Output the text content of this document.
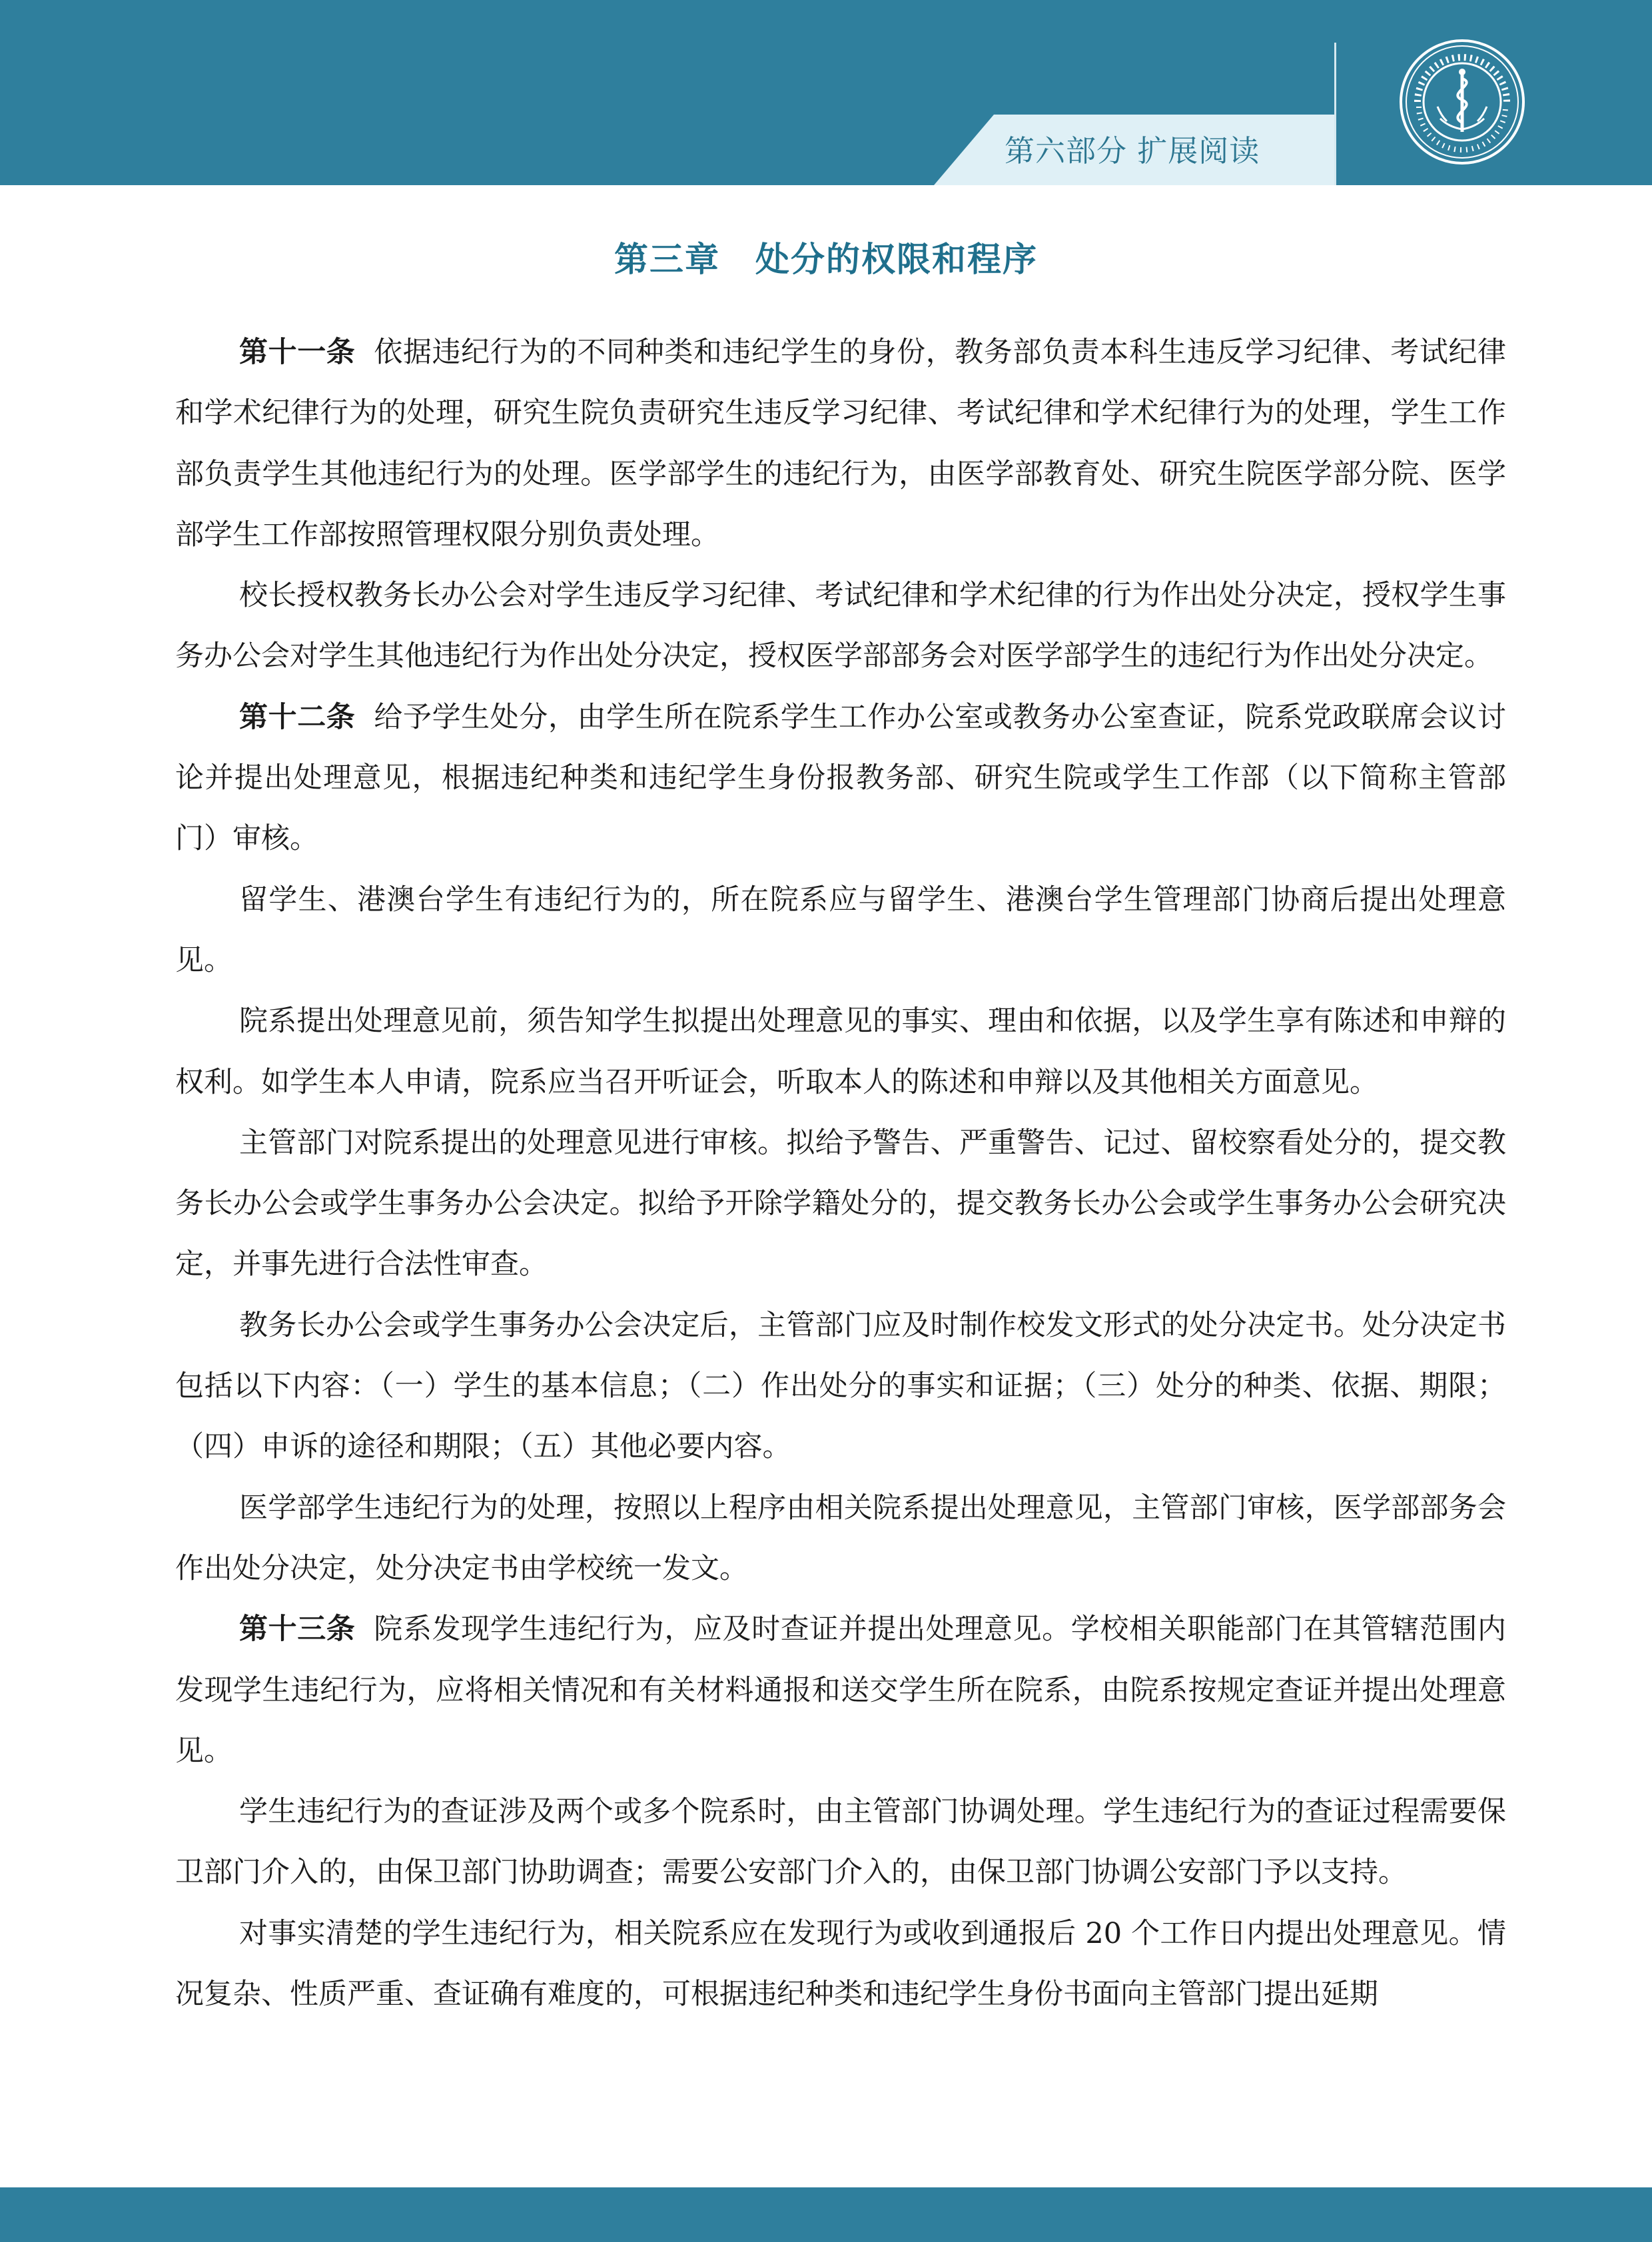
第六部分 扩展阅读
第三章　处分的权限和程序

第十一条 依据违纪行为的不同种类和违纪学生的身份，教务部负责本科生违反学习纪律、考试纪律和学术纪律行为的处理，研究生院负责研究生违反学习纪律、考试纪律和学术纪律行为的处理，学生工作部负责学生其他违纪行为的处理。医学部学生的违纪行为，由医学部教育处、研究生院医学部分院、医学部学生工作部按照管理权限分别负责处理。

校长授权教务长办公会对学生违反学习纪律、考试纪律和学术纪律的行为作出处分决定，授权学生事务办公会对学生其他违纪行为作出处分决定，授权医学部部务会对医学部学生的违纪行为作出处分决定。

第十二条 给予学生处分，由学生所在院系学生工作办公室或教务办公室查证，院系党政联席会议讨论并提出处理意见，根据违纪种类和违纪学生身份报教务部、研究生院或学生工作部（以下简称主管部门）审核。

留学生、港澳台学生有违纪行为的，所在院系应与留学生、港澳台学生管理部门协商后提出处理意见。

院系提出处理意见前，须告知学生拟提出处理意见的事实、理由和依据，以及学生享有陈述和申辩的权利。如学生本人申请，院系应当召开听证会，听取本人的陈述和申辩以及其他相关方面意见。

主管部门对院系提出的处理意见进行审核。拟给予警告、严重警告、记过、留校察看处分的，提交教务长办公会或学生事务办公会决定。拟给予开除学籍处分的，提交教务长办公会或学生事务办公会研究决定，并事先进行合法性审查。

教务长办公会或学生事务办公会决定后，主管部门应及时制作校发文形式的处分决定书。处分决定书包括以下内容：（一）学生的基本信息；（二）作出处分的事实和证据；（三）处分的种类、依据、期限；（四）申诉的途径和期限；（五）其他必要内容。

医学部学生违纪行为的处理，按照以上程序由相关院系提出处理意见，主管部门审核，医学部部务会作出处分决定，处分决定书由学校统一发文。

第十三条 院系发现学生违纪行为，应及时查证并提出处理意见。学校相关职能部门在其管辖范围内发现学生违纪行为，应将相关情况和有关材料通报和送交学生所在院系，由院系按规定查证并提出处理意见。

学生违纪行为的查证涉及两个或多个院系时，由主管部门协调处理。学生违纪行为的查证过程需要保卫部门介入的，由保卫部门协助调查；需要公安部门介入的，由保卫部门协调公安部门予以支持。

对事实清楚的学生违纪行为，相关院系应在发现行为或收到通报后 20 个工作日内提出处理意见。情况复杂、性质严重、查证确有难度的，可根据违纪种类和违纪学生身份书面向主管部门提出延期
